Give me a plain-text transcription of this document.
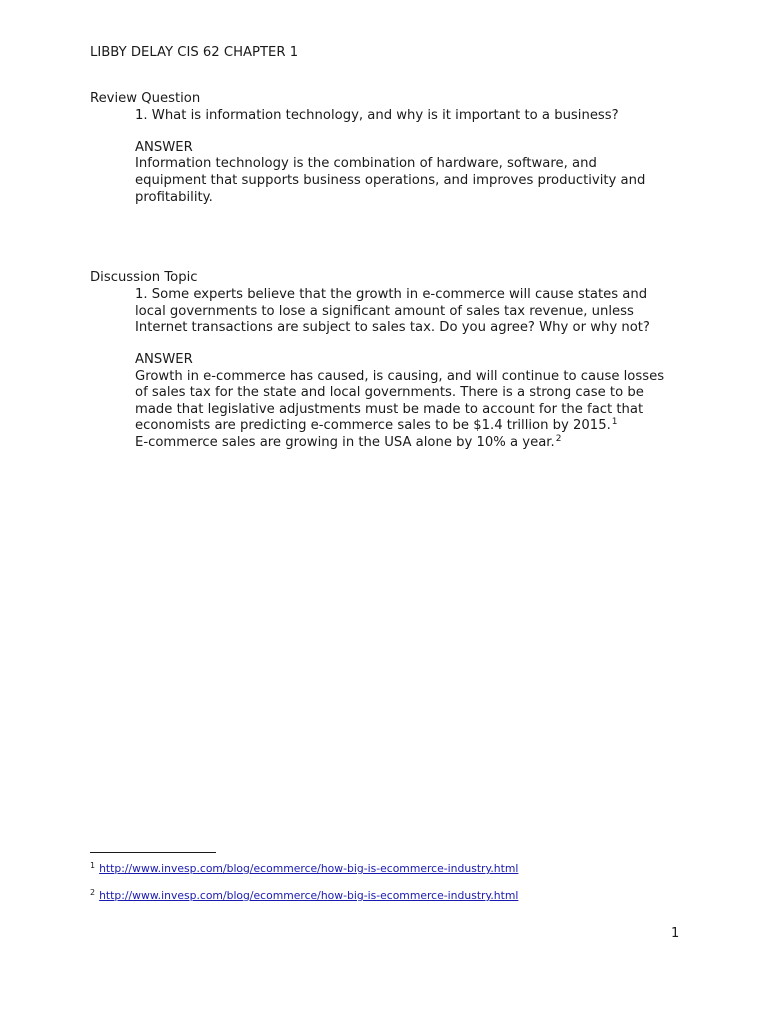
LIBBY DELAY CIS 62 CHAPTER 1
Review Question
1. What is information technology, and why is it important to a business?
ANSWER
Information technology is the combination of hardware, software, and
equipment that supports business operations, and improves productivity and
profitability.
Discussion Topic
1. Some experts believe that the growth in e-commerce will cause states and
local governments to lose a significant amount of sales tax revenue, unless
Internet transactions are subject to sales tax. Do you agree? Why or why not?
ANSWER
Growth in e-commerce has caused, is causing, and will continue to cause losses
of sales tax for the state and local governments. There is a strong case to be
made that legislative adjustments must be made to account for the fact that
economists are predicting e-commerce sales to be $1.4 trillion by 2015.$^1$
E-commerce sales are growing in the USA alone by 10% a year.$^2$
$^1$ http://www.invesp.com/blog/ecommerce/how-big-is-ecommerce-industry.html
$^2$ http://www.invesp.com/blog/ecommerce/how-big-is-ecommerce-industry.html
1
